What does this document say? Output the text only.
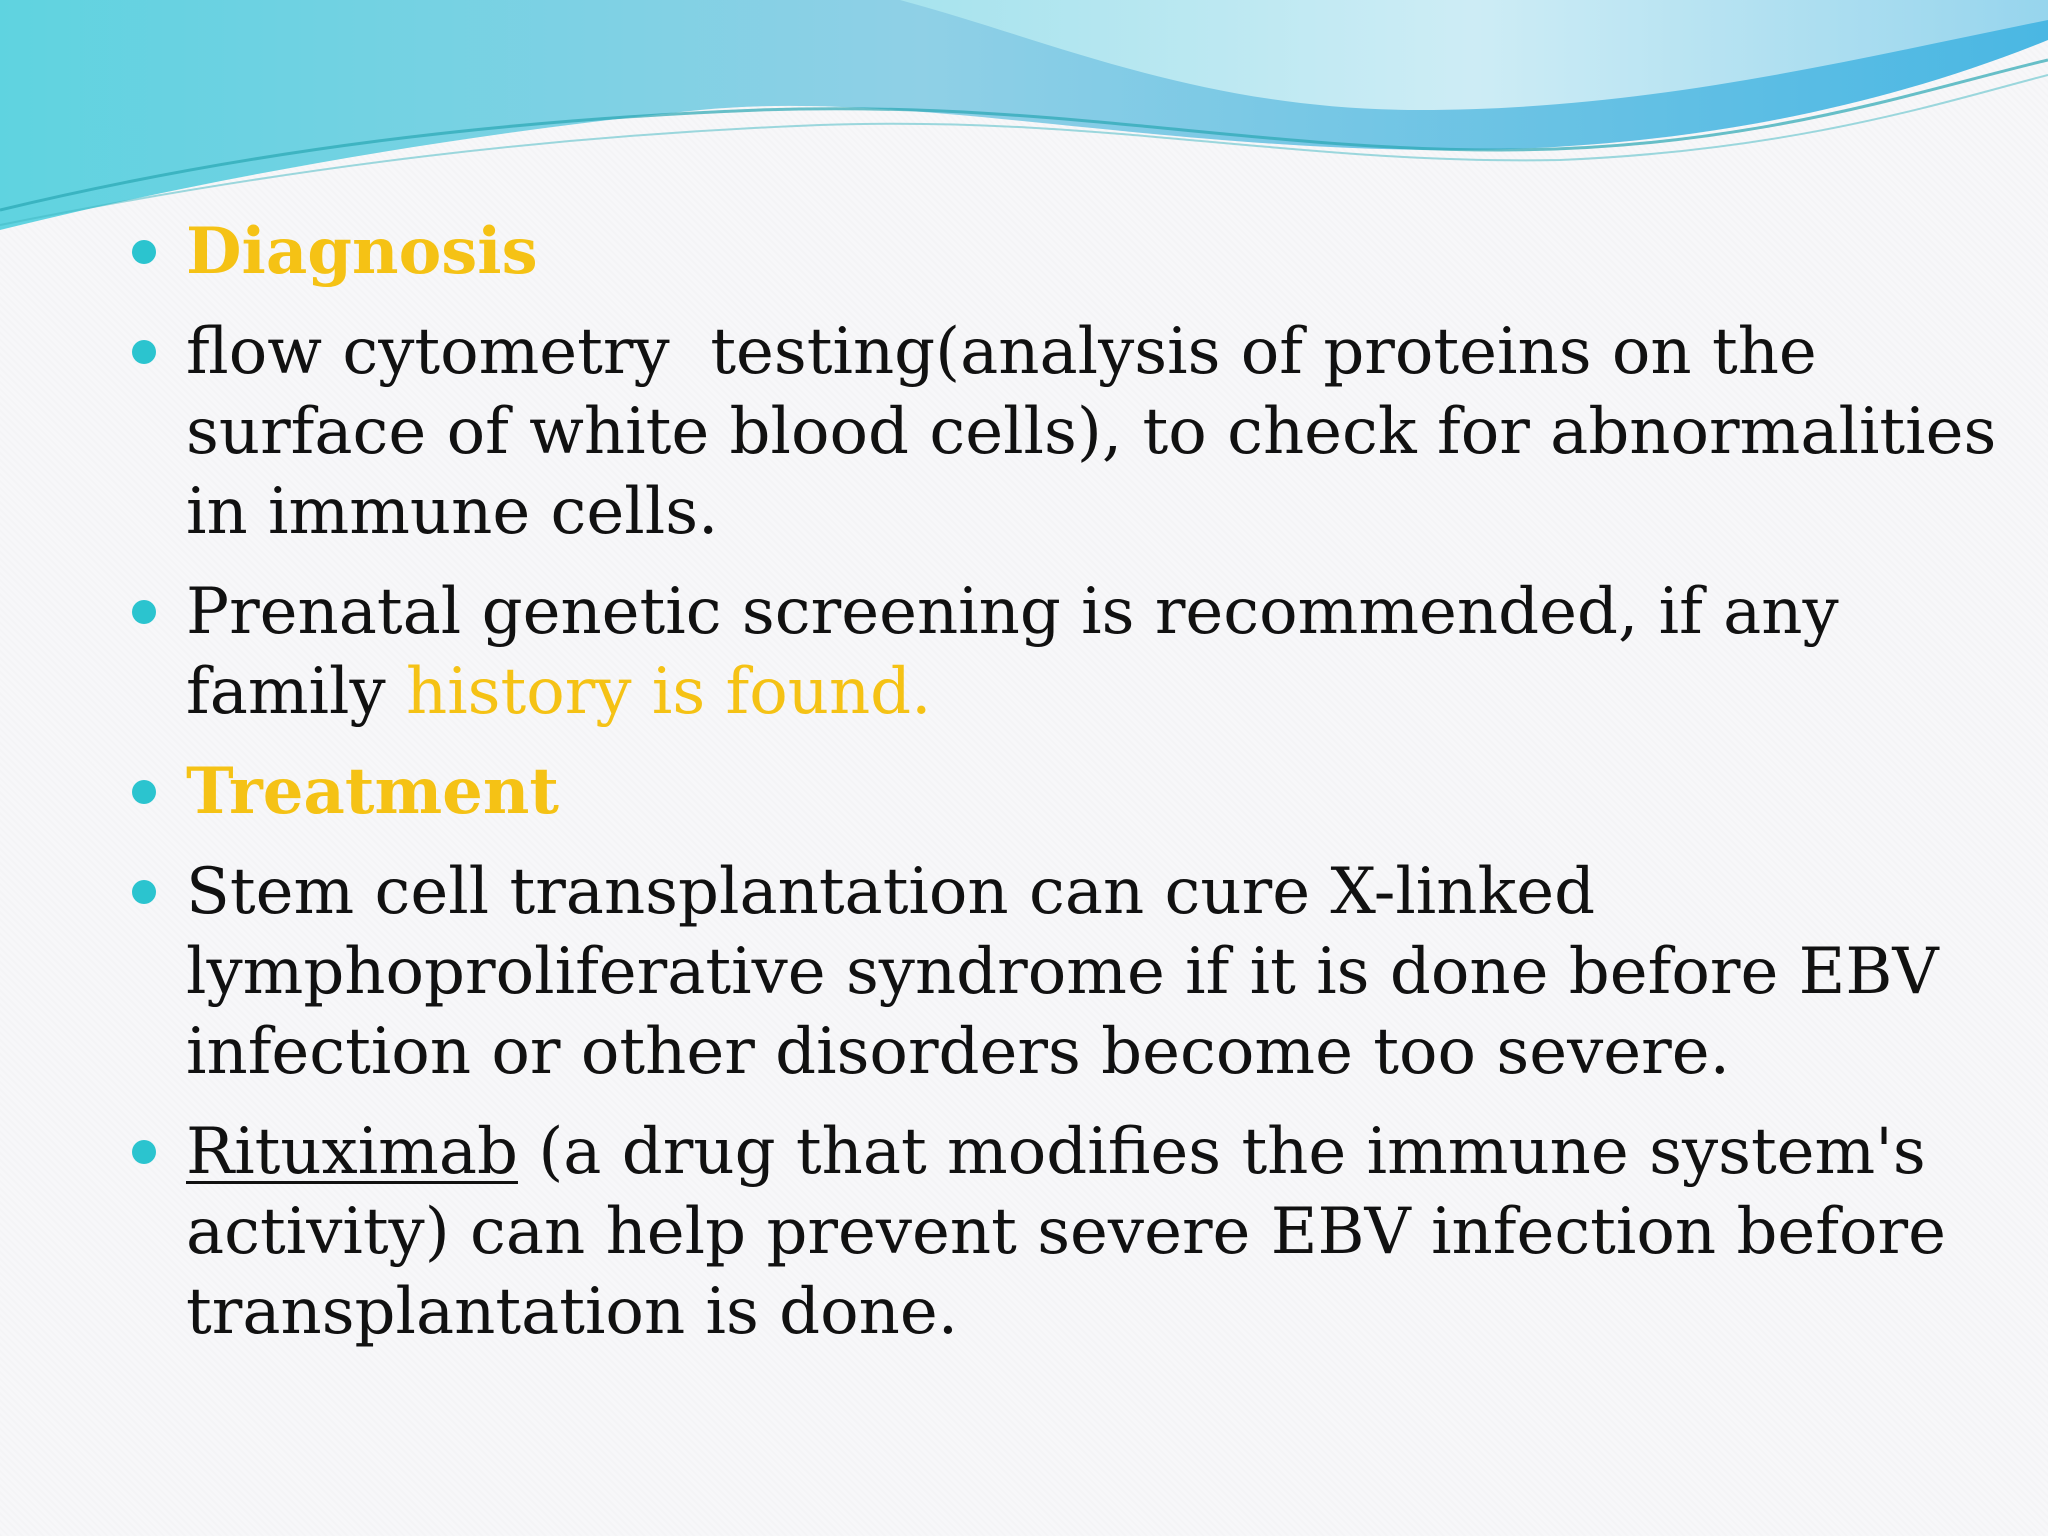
Diagnosis
flow cytometry  testing(analysis of proteins on the surface of white blood cells), to check for abnormalities in immune cells.
Prenatal genetic screening is recommended, if any family history is found.
Treatment
Stem cell transplantation can cure X-linked lymphoproliferative syndrome if it is done before EBV infection or other disorders become too severe.
Rituximab (a drug that modifies the immune system's activity) can help prevent severe EBV infection before transplantation is done.
